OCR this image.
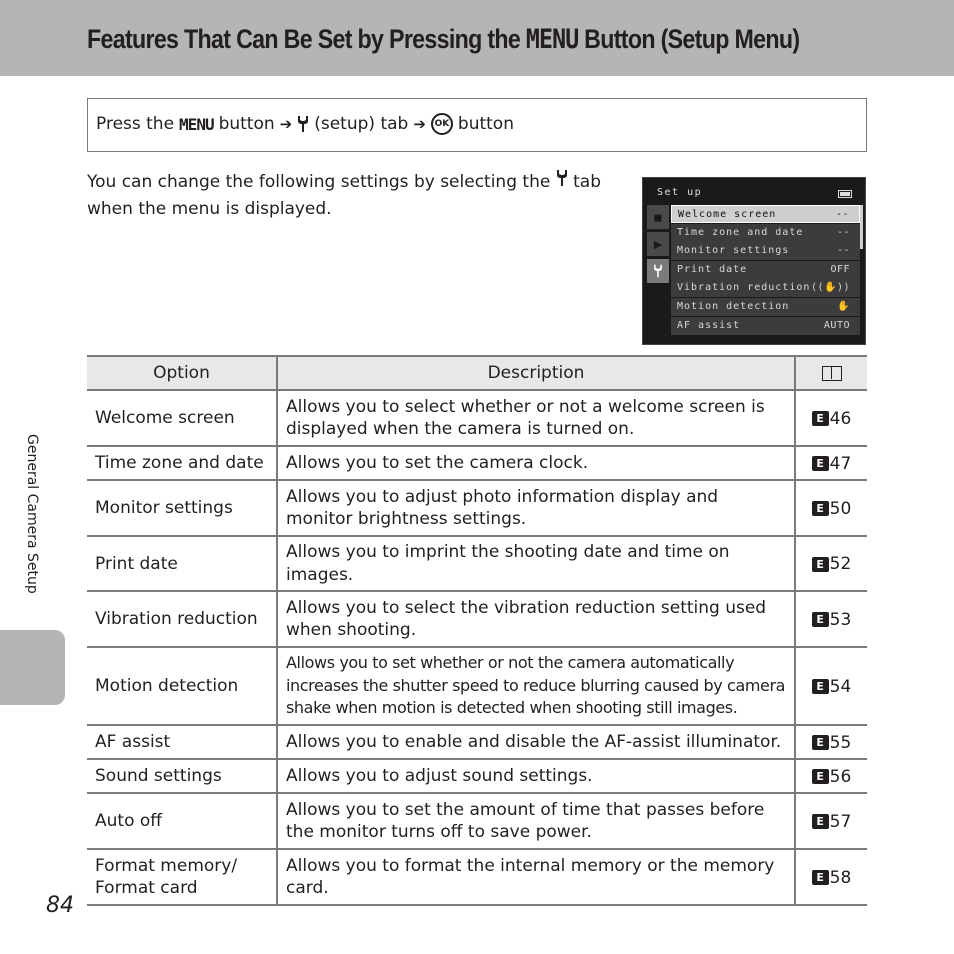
Features That Can Be Set by Pressing the MENU Button (Setup Menu)
Press the MENU button ➔ (setup) tab ➔ OK button
You can change the following settings by selecting the tab when the menu is displayed.
Set up
◼
▶
Welcome screen	--
Time zone and date	--
Monitor settings	--
Print date	OFF
Vibration reduction ((✋))
Motion detection	✋
AF assist	AUTO
Option	Description	
Welcome screen	Allows you to select whether or not a welcome screen is displayed when the camera is turned on.	E 46

Time zone and date	Allows you to set the camera clock.	E 47

Monitor settings	Allows you to adjust photo information display and monitor brightness settings.	E 50

Print date	Allows you to imprint the shooting date and time on images.	E 52

Vibration reduction	Allows you to select the vibration reduction setting used when shooting.	E 53

Motion detection	Allows you to set whether or not the camera automatically increases the shutter speed to reduce blurring caused by camera shake when motion is detected when shooting still images.	E 54

AF assist	Allows you to enable and disable the AF-assist illuminator.	E 55

Sound settings	Allows you to adjust sound settings.	E 56

Auto off	Allows you to set the amount of time that passes before the monitor turns off to save power.	E 57

Format memory/ Format card	Allows you to format the internal memory or the memory card.	E 58
General Camera Setup
84
